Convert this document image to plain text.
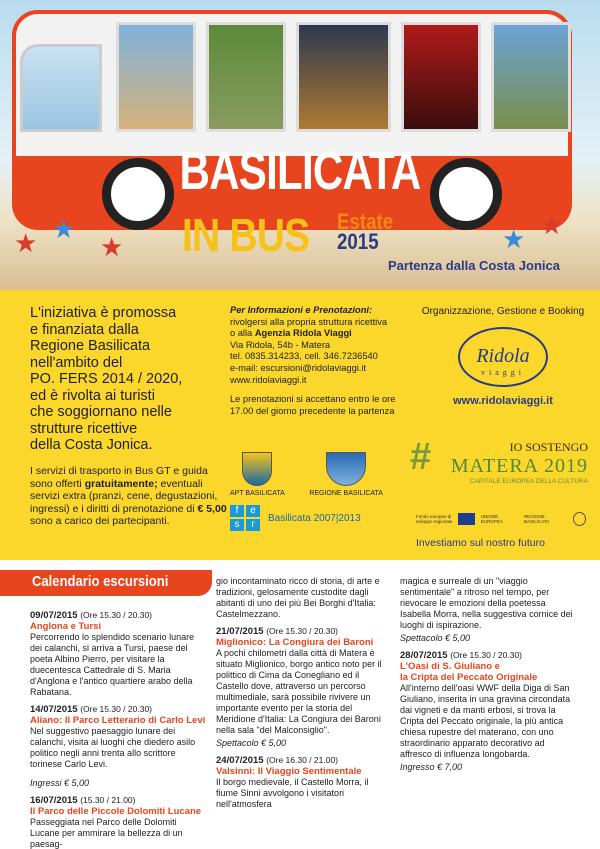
BASILICATA
★ ★
★
★
★
IN BUS Estate
2015
Partenza dalla Costa Jonica
L'iniziativa è promossa
e finanziata dalla
Regione Basilicata
nell'ambito del
PO. FERS 2014 / 2020,
ed è rivolta ai turisti
che soggiornano nelle
strutture ricettive
della Costa Jonica.
I servizi di trasporto in Bus GT e guida sono offerti gratuitamente; eventuali servizi extra (pranzi, cene, degustazioni, ingressi) e i diritti di prenotazione di € 5,00 sono a carico dei partecipanti.
Per Informazioni e Prenotazioni:
rivolgersi alla propria struttura ricettiva
o alla Agenzia Ridola Viaggi
Via Ridola, 54b - Matera
tel. 0835.314233, cell. 346.7236540
e-mail: escursioni@ridolaviaggi.it
www.ridolaviaggi.it
Le prenotazioni si accettano entro le ore 17.00 del giorno precedente la partenza
APT BASILICATA
	REGIONE BASILICATA
f	e
s	r
Basilicata 2007|2013
Organizzazione, Gestione e Booking
Ridola
viaggi
www.ridolaviaggi.it
#	IO SOSTENGO
MATERA 2019
CAPITALE EUROPEA DELLA CULTURA
Fondo europeo di sviluppo regionale
UNIONE EUROPEA
REGIONE BASILICATA
Investiamo sul nostro futuro
Calendario escursioni
09/07/2015 (Ore 15.30 / 20.30)
Anglona e Tursi

Percorrendo lo splendido scenario lunare dei calanchi, si arriva a Tursi, paese del poeta Albino Pierro, per visitare la duecentesca Cattedrale di S. Maria d'Anglona e l'antico quartiere arabo della Rabatana.

14/07/2015 (Ore 15.30 / 20.30)
Aliano: Il Parco Letterario di Carlo Levi

Nel suggestivo paesaggio lunare dei calanchi, visita ai luoghi che diedero asilo politico negli anni trenta allo scrittore torinese Carlo Levi.

Ingressi € 5,00
16/07/2015 (15.30 / 21.00)
Il Parco delle Piccole Dolomiti Lucane

Passeggiata nel Parco delle Dolomiti Lucane per ammirare la bellezza di un paesag-

gio incontaminato ricco di storia, di arte e tradizioni, gelosamente custodite dagli abitanti di uno dei più Bei Borghi d'Italia: Castelmezzano.

21/07/2015 (Ore 15.30 / 20.30)
Miglionico: La Congiura dei Baroni

A pochi chilometri dalla città di Matera è situato Miglionico, borgo antico noto per il polittico di Cima da Conegliano ed il Castello dove, attraverso un percorso multimediale, sarà possibile rivivere un importante evento per la storia del Meridione d'Italia: La Congiura dei Baroni nella sala "del Malconsiglio".

Spettacolo € 5,00
24/07/2015 (Ore 16.30 / 21.00)
Valsinni: Il Viaggio Sentimentale

Il borgo medievale, il Castello Morra, il fiume Sinni avvolgono i visitatori nell'atmosfera

magica e surreale di un "viaggio sentimentale" a ritroso nel tempo, per rievocare le emozioni della poetessa Isabella Morra, nella suggestiva cornice dei luoghi di ispirazione.

Spettacolo € 5,00
28/07/2015 (Ore 15.30 / 20.30)
L'Oasi di S. Giuliano e
la Cripta del Peccato Originale

All'interno dell'oasi WWF della Diga di San Giuliano, inserita in una gravina circondata dai vigneti e da manti erbosi, si trova la Cripta del Peccato originale, la più antica chiesa rupestre del materano, con uno straordinario apparato decorativo ad affresco di influenza longobarda.

Ingresso € 7,00
